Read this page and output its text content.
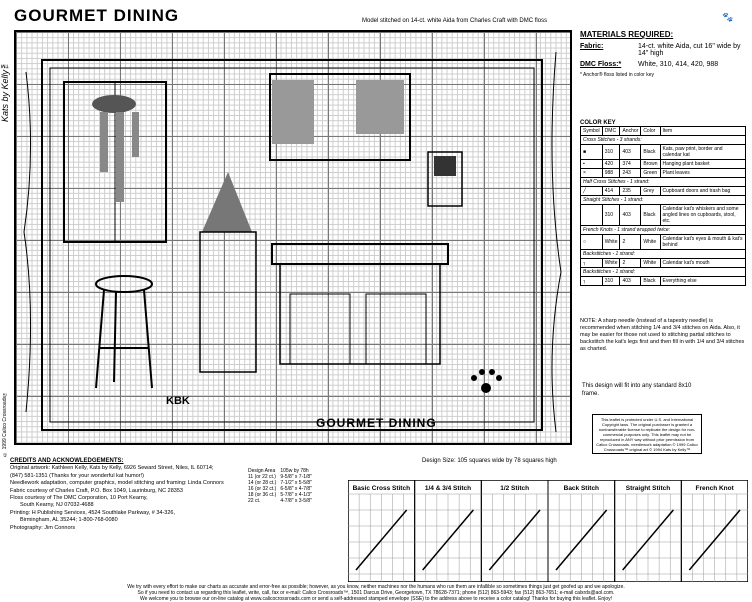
GOURMET DINING	Model stitched on 14-ct. white Aida from Charles Craft with DMC floss	🐾
Kats by Kelly™
© 1999 Calico Crossroads™	KBK
GOURMET DINING
MATERIALS REQUIRED:
Fabric:	14-ct. white Aida, cut 16" wide by 14" high
DMC Floss:*	White, 310, 414, 420, 988
* Anchor® floss listed in color key
COLOR KEY
Symbol	DMC	Anchor	Color	Item
Cross Stitches - 3 strands:				
■	310	403	Black	Kats, paw print, border and calendar kat
▪	420	374	Brown	Hanging plant basket
×	988	243	Green	Plant leaves
Half Cross Stitches - 1 strand:				
╱	414	235	Grey	Cupboard doors and trash bag
Straight Stitches - 1 strand:				
	310	403	Black	Calendar kat's whiskers and some angled lines on cupboards, stool, etc.
French Knots - 1 strand wrapped twice:				
○	White	2	White	Calendar kat's eyes & mouth & kat's behind
Backstitches - 1 strand:				
┐	White	2	White	Calendar kat's mouth
Backstitches - 1 strand:				
┐	310	403	Black	Everything else
NOTE: A sharp needle (instead of a tapestry needle) is recommended when stitching 1/4 and 3/4 stitches on Aida. Also, it may be easier for those not used to stitching partial stitches to backstitch the kat's legs first and then fill in with 1/4 and 3/4 stitches as charted.
This design will fit into any standard 8x10 frame.
This leaflet is protected under U.S. and International Copyright laws. The original purchaser is granted a nontransferable license to replicate the design for non-commercial purposes only. This leaflet may not be reproduced in ANY way without prior permission from Calico Crossroads. needlework adaptation © 1999 Calico Crossroads™ original art © 1994 Kats by Kelly™
CREDITS AND ACKNOWLEDGEMENTS:
Original artwork: Kathleen Kelly, Kats by Kelly, 6926 Seward Street, Niles, IL 60714;
(847) 581-1351 (Thanks for your wonderful kat humor!)
Needlework adaptation, computer graphics, model stitching and framing: Linda Connors
Fabric courtesy of Charles Craft, P.O. Box 1049, Laurinburg, NC 28353
Floss courtesy of The DMC Corporation, 10 Port Kearny,
South Kearny, NJ 07032-4688
Printing: H Publishing Services, 4524 Southlake Parkway, # 34-326,
Birmingham, AL 35244; 1-800-768-0080
Photography: Jim Connors
Design Size: 105 squares wide by 78 squares high
Design Area	105w by 78h
11 (or 22 ct.)	9-5/8" x 7-1/8"
14 (or 28 ct.)	7-1/2" x 5-5/8"
16 (or 32 ct.)	6-5/8" x 4-7/8"
18 (or 36 ct.)	5-7/8" x 4-1/3"
22 ct.	4-7/8" x 3-5/8"
Basic Cross Stitch 1/4 & 3/4 Stitch	1/2 Stitch	Back Stitch	Straight Stitch	French Knot
We try with every effort to make our charts as accurate and error-free as possible; however, as you know, neither machines nor the humans who run them are infallible so sometimes things just get goofed up and we apologize.
So if you need to contact us regarding this leaflet, write, call, fax or e-mail: Calico Crossroads™, 1501 Darcus Drive, Georgetown, TX 78628-7371; phone (512) 863-5943; fax (512) 863-7651; e-mail calxrds@aol.com.
We welcome you to browse our on-line catalog at www.calicocrossroads.com or send a self-addressed stamped envelope (SSE) to the address above to receive a color catalog! Thanks for buying this leaflet. Enjoy!
